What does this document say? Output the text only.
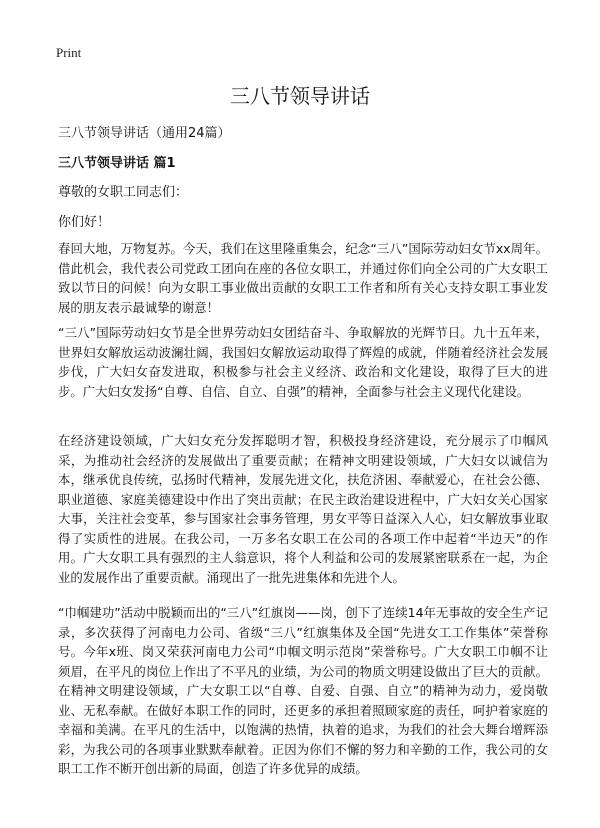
Print
三八节领导讲话
三八节领导讲话（通用24篇）
三八节领导讲话 篇1
尊敬的女职工同志们：
你们好！

春回大地，万物复苏。今天，我们在这里隆重集会，纪念“三八”国际劳动妇女节xx周年。借此机会，我代表公司党政工团向在座的各位女职工，并通过你们向全公司的广大女职工致以节日的问候！向为女职工事业做出贡献的女职工工作者和所有关心支持女职工事业发展的朋友表示最诚挚的谢意！

“三八”国际劳动妇女节是全世界劳动妇女团结奋斗、争取解放的光辉节日。九十五年来，世界妇女解放运动波澜壮阔，我国妇女解放运动取得了辉煌的成就，伴随着经济社会发展步伐，广大妇女奋发进取，积极参与社会主义经济、政治和文化建设，取得了巨大的进步。广大妇女发扬“自尊、自信、自立、自强”的精神，全面参与社会主义现代化建设。

在经济建设领域，广大妇女充分发挥聪明才智，积极投身经济建设，充分展示了巾帼风采，为推动社会经济的发展做出了重要贡献；在精神文明建设领域，广大妇女以诚信为本，继承优良传统，弘扬时代精神，发展先进文化，扶危济困、奉献爱心，在社会公德、职业道德、家庭美德建设中作出了突出贡献；在民主政治建设进程中，广大妇女关心国家大事，关注社会变革，参与国家社会事务管理，男女平等日益深入人心，妇女解放事业取得了实质性的进展。在我公司，一万多名女职工在公司的各项工作中起着“半边天”的作用。广大女职工具有强烈的主人翁意识，将个人利益和公司的发展紧密联系在一起，为企业的发展作出了重要贡献。涌现出了一批先进集体和先进个人。

“巾帼建功”活动中脱颖而出的“三八”红旗岗——岗，创下了连续14年无事故的安全生产记录，多次获得了河南电力公司、省级“三八”红旗集体及全国“先进女工工作集体”荣誉称号。今年x班、岗又荣获河南电力公司“巾帼文明示范岗”荣誉称号。广大女职工巾帼不让须眉，在平凡的岗位上作出了不平凡的业绩，为公司的物质文明建设做出了巨大的贡献。在精神文明建设领域，广大女职工以“自尊、自爱、自强、自立”的精神为动力，爱岗敬业、无私奉献。在做好本职工作的同时，还更多的承担着照顾家庭的责任，呵护着家庭的幸福和美满。在平凡的生活中，以饱满的热情，执着的追求，为我们的社会大舞台增辉添彩，为我公司的各项事业默默奉献着。正因为你们不懈的努力和辛勤的工作，我公司的女职工工作不断开创出新的局面，创造了许多优异的成绩。
